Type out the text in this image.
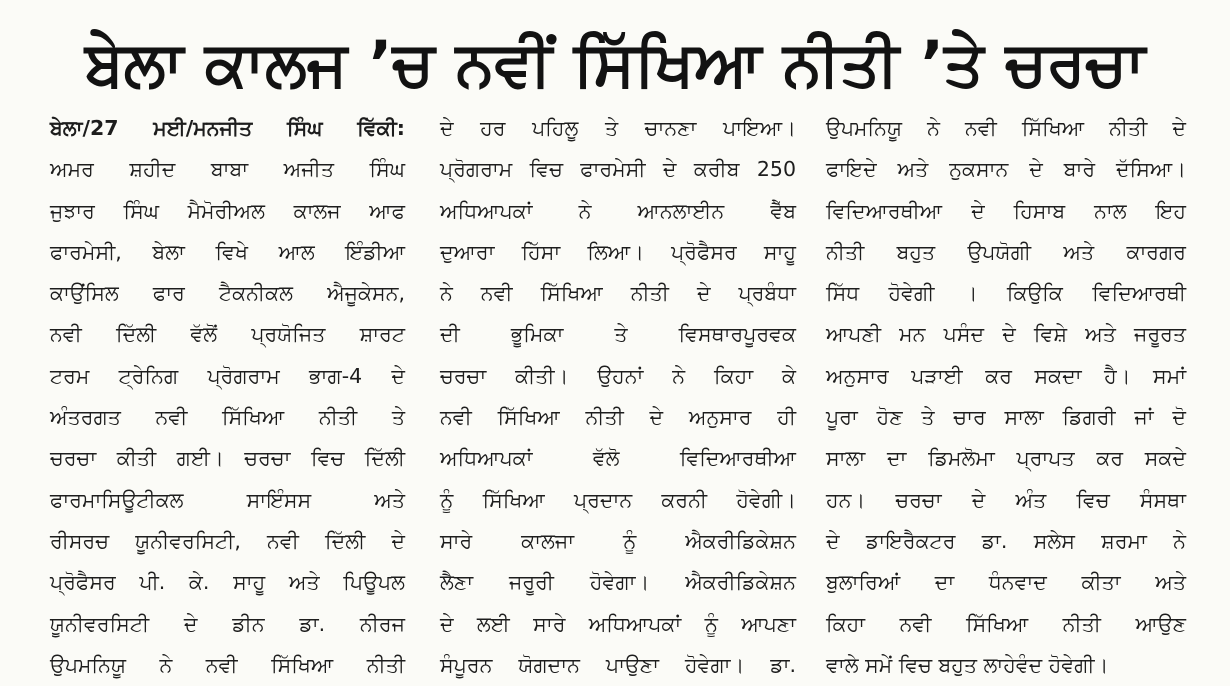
ਬੇਲਾ ਕਾਲਜ ’ਚ ਨਵੀਂ ਸਿੱਖਿਆ ਨੀਤੀ ’ਤੇ ਚਰਚਾ
ਬੇਲਾ/27 ਮਈ/ਮਨਜੀਤ ਸਿੰਘ ਵਿੱਕੀ:
ਅਮਰ ਸ਼ਹੀਦ ਬਾਬਾ ਅਜੀਤ ਸਿੰਘ
ਜੁਝਾਰ ਸਿੰਘ ਮੈਮੋਰੀਅਲ ਕਾਲਜ ਆਫ
ਫਾਰਮੇਸੀ, ਬੇਲਾ ਵਿਖੇ ਆਲ ਇੰਡੀਆ
ਕਾਉਂਸਿਲ ਫਾਰ ਟੈਕਨੀਕਲ ਐਜੂਕੇਸਨ,
ਨਵੀ ਦਿੱਲੀ ਵੱਲੋਂ ਪ੍ਰਯੋਜਿਤ ਸ਼ਾਰਟ
ਟਰਮ ਟ੍ਰੇਨਿਗ ਪ੍ਰੋਗਰਾਮ ਭਾਗ-4 ਦੇ
ਅੰਤਰਗਤ ਨਵੀ ਸਿੱਖਿਆ ਨੀਤੀ ਤੇ
ਚਰਚਾ ਕੀਤੀ ਗਈ। ਚਰਚਾ ਵਿਚ ਦਿੱਲੀ
ਫਾਰਮਾਸਿਊਟੀਕਲ ਸਾਇੰਸਸ ਅਤੇ
ਰੀਸਰਚ ਯੂਨੀਵਰਸਿਟੀ, ਨਵੀ ਦਿੱਲੀ ਦੇ
ਪ੍ਰੋਫੈਸਰ ਪੀ. ਕੇ. ਸਾਹੂ ਅਤੇ ਪਿਊਪਲ
ਯੂਨੀਵਰਸਿਟੀ ਦੇ ਡੀਨ ਡਾ. ਨੀਰਜ
ਉਪਮਨਿਯੂ ਨੇ ਨਵੀ ਸਿੱਖਿਆ ਨੀਤੀ
ਦੇ ਹਰ ਪਹਿਲੂ ਤੇ ਚਾਨਣਾ ਪਾਇਆ।
ਪ੍ਰੋਗਰਾਮ ਵਿਚ ਫਾਰਮੇਸੀ ਦੇ ਕਰੀਬ 250
ਅਧਿਆਪਕਾਂ ਨੇ ਆਨਲਾਈਨ ਵੈੱਬ
ਦੁਆਰਾ ਹਿੱਸਾ ਲਿਆ। ਪ੍ਰੋਫੈਸਰ ਸਾਹੂ
ਨੇ ਨਵੀ ਸਿੱਖਿਆ ਨੀਤੀ ਦੇ ਪ੍ਰਬੰਧਾ
ਦੀ ਭੂਮਿਕਾ ਤੇ ਵਿਸਥਾਰਪੂਰਵਕ
ਚਰਚਾ ਕੀਤੀ। ਉਹਨਾਂ ਨੇ ਕਿਹਾ ਕੇ
ਨਵੀ ਸਿੱਖਿਆ ਨੀਤੀ ਦੇ ਅਨੁਸਾਰ ਹੀ
ਅਧਿਆਪਕਾਂ ਵੱਲੋ ਵਿਦਿਆਰਥੀਆ
ਨੂੰ ਸਿੱਖਿਆ ਪ੍ਰਦਾਨ ਕਰਨੀ ਹੋਵੇਗੀ।
ਸਾਰੇ ਕਾਲਜਾ ਨੂੰ ਐਕਰੀਡਿਕੇਸ਼ਨ
ਲੈਣਾ ਜਰੂਰੀ ਹੋਵੇਗਾ। ਐਕਰੀਡਿਕੇਸ਼ਨ
ਦੇ ਲਈ ਸਾਰੇ ਅਧਿਆਪਕਾਂ ਨੂੰ ਆਪਣਾ
ਸੰਪੂਰਨ ਯੋਗਦਾਨ ਪਾਉਣਾ ਹੋਵੇਗਾ। ਡਾ.
ਉਪਮਨਿਯੂ ਨੇ ਨਵੀ ਸਿੱਖਿਆ ਨੀਤੀ ਦੇ
ਫਾਇਦੇ ਅਤੇ ਨੁਕਸਾਨ ਦੇ ਬਾਰੇ ਦੱਸਿਆ।
ਵਿਦਿਆਰਥੀਆ ਦੇ ਹਿਸਾਬ ਨਾਲ ਇਹ
ਨੀਤੀ ਬਹੁਤ ਉਪਯੋਗੀ ਅਤੇ ਕਾਰਗਰ
ਸਿੱਧ ਹੋਵੇਗੀ । ਕਿਉਕਿ ਵਿਦਿਆਰਥੀ
ਆਪਣੀ ਮਨ ਪਸੰਦ ਦੇ ਵਿਸ਼ੇ ਅਤੇ ਜਰੂਰਤ
ਅਨੁਸਾਰ ਪੜਾਈ ਕਰ ਸਕਦਾ ਹੈ। ਸਮਾਂ
ਪੂਰਾ ਹੋਣ ਤੇ ਚਾਰ ਸਾਲਾ ਡਿਗਰੀ ਜਾਂ ਦੋ
ਸਾਲਾ ਦਾ ਡਿਮਲੋਮਾ ਪ੍ਰਾਪਤ ਕਰ ਸਕਦੇ
ਹਨ। ਚਰਚਾ ਦੇ ਅੰਤ ਵਿਚ ਸੰਸਥਾ
ਦੇ ਡਾਇਰੈਕਟਰ ਡਾ. ਸਲੇਸ ਸ਼ਰਮਾ ਨੇ
ਬੁਲਾਰਿਆਂ ਦਾ ਧੰਨਵਾਦ ਕੀਤਾ ਅਤੇ
ਕਿਹਾ ਨਵੀ ਸਿੱਖਿਆ ਨੀਤੀ ਆਉਣ
ਵਾਲੇ ਸਮੇਂ ਵਿਚ ਬਹੁਤ ਲਾਹੇਵੰਦ ਹੋਵੇਗੀ।
